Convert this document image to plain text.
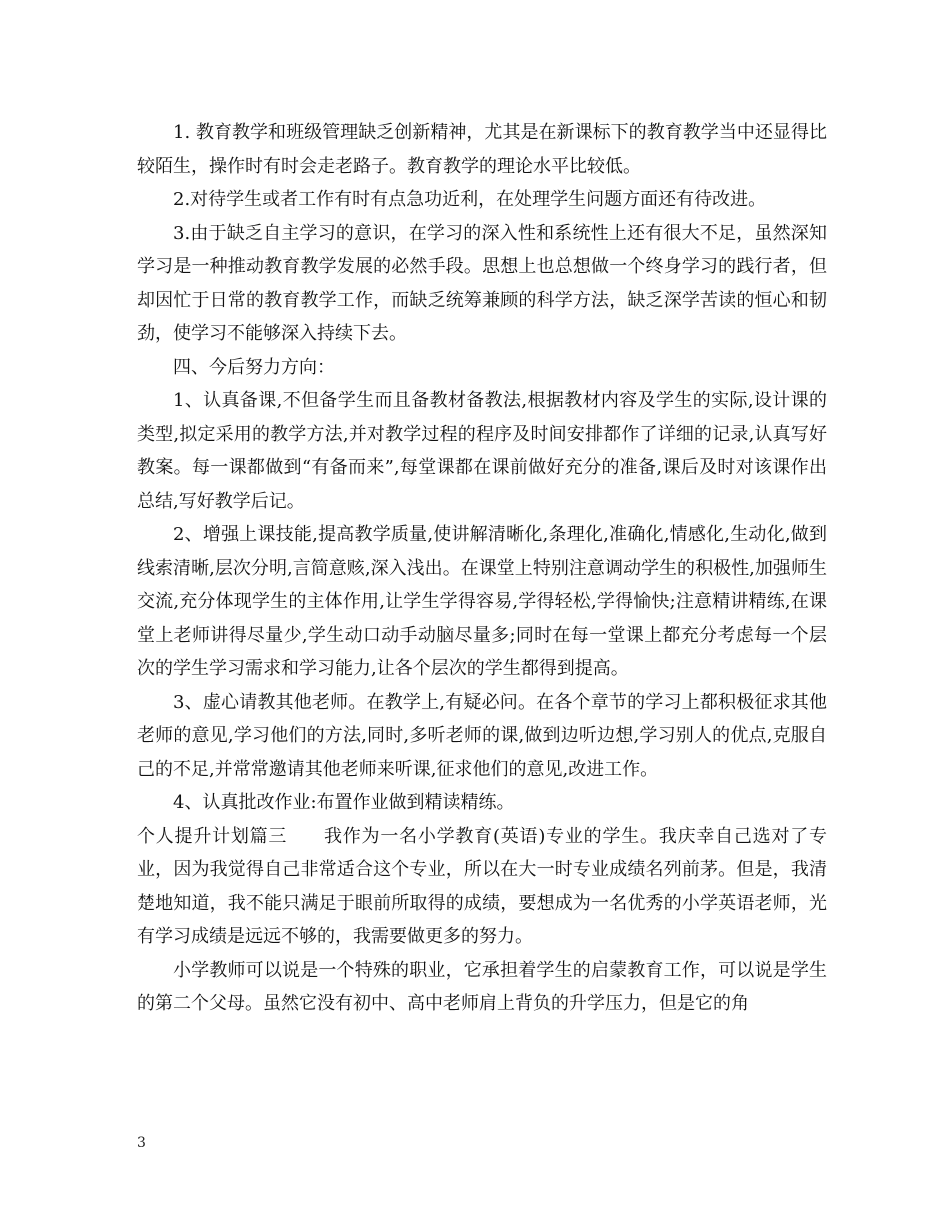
1. 教育教学和班级管理缺乏创新精神，尤其是在新课标下的教育教学当中还显得比较陌生，操作时有时会走老路子。教育教学的理论水平比较低。

2.对待学生或者工作有时有点急功近利，在处理学生问题方面还有待改进。

3.由于缺乏自主学习的意识，在学习的深入性和系统性上还有很大不足，虽然深知学习是一种推动教育教学发展的必然手段。思想上也总想做一个终身学习的践行者，但却因忙于日常的教育教学工作，而缺乏统筹兼顾的科学方法，缺乏深学苦读的恒心和韧劲，使学习不能够深入持续下去。

四、今后努力方向：

1、认真备课,不但备学生而且备教材备教法,根据教材内容及学生的实际,设计课的类型,拟定采用的教学方法,并对教学过程的程序及时间安排都作了详细的记录,认真写好教案。每一课都做到“有备而来”,每堂课都在课前做好充分的准备,课后及时对该课作出总结,写好教学后记。

2、增强上课技能,提高教学质量,使讲解清晰化,条理化,准确化,情感化,生动化,做到线索清晰,层次分明,言简意赅,深入浅出。在课堂上特别注意调动学生的积极性,加强师生交流,充分体现学生的主体作用,让学生学得容易,学得轻松,学得愉快;注意精讲精练,在课堂上老师讲得尽量少,学生动口动手动脑尽量多;同时在每一堂课上都充分考虑每一个层次的学生学习需求和学习能力,让各个层次的学生都得到提高。

3、虚心请教其他老师。在教学上,有疑必问。在各个章节的学习上都积极征求其他老师的意见,学习他们的方法,同时,多听老师的课,做到边听边想,学习别人的优点,克服自己的不足,并常常邀请其他老师来听课,征求他们的意见,改进工作。

4、认真批改作业:布置作业做到精读精练。

个人提升计划篇三 我作为一名小学教育(英语)专业的学生。我庆幸自己选对了专业，因为我觉得自己非常适合这个专业，所以在大一时专业成绩名列前茅。但是，我清楚地知道，我不能只满足于眼前所取得的成绩，要想成为一名优秀的小学英语老师，光有学习成绩是远远不够的，我需要做更多的努力。

小学教师可以说是一个特殊的职业，它承担着学生的启蒙教育工作，可以说是学生的第二个父母。虽然它没有初中、高中老师肩上背负的升学压力，但是它的角

3
